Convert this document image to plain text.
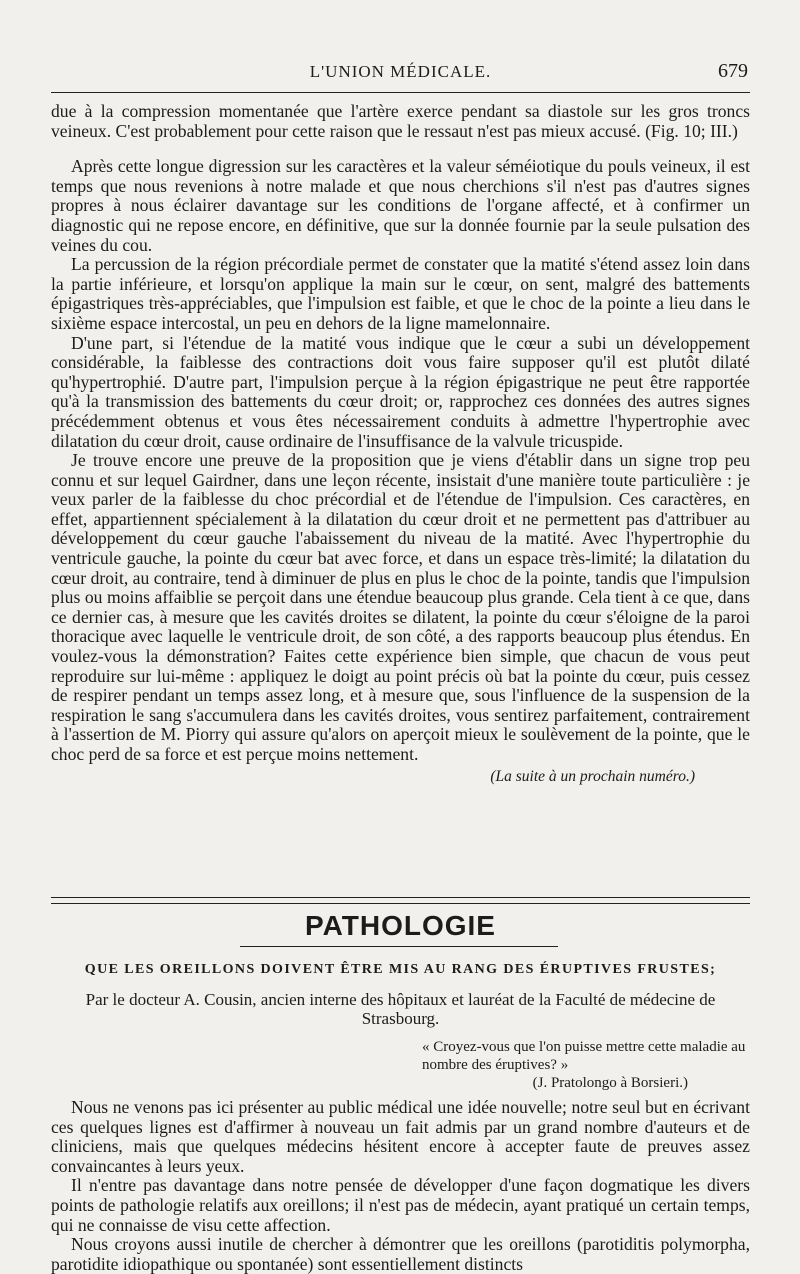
L'UNION MÉDICALE.	679

due à la compression momentanée que l'artère exerce pendant sa diastole sur les gros troncs veineux. C'est probablement pour cette raison que le ressaut n'est pas mieux accusé. (Fig. 10; III.)

Après cette longue digression sur les caractères et la valeur séméiotique du pouls veineux, il est temps que nous revenions à notre malade et que nous cherchions s'il n'est pas d'autres signes propres à nous éclairer davantage sur les conditions de l'organe affecté, et à confirmer un diagnostic qui ne repose encore, en définitive, que sur la donnée fournie par la seule pulsation des veines du cou.

La percussion de la région précordiale permet de constater que la matité s'étend assez loin dans la partie inférieure, et lorsqu'on applique la main sur le cœur, on sent, malgré des battements épigastriques très-appréciables, que l'impulsion est faible, et que le choc de la pointe a lieu dans le sixième espace intercostal, un peu en dehors de la ligne mamelonnaire.

D'une part, si l'étendue de la matité vous indique que le cœur a subi un développement considérable, la faiblesse des contractions doit vous faire supposer qu'il est plutôt dilaté qu'hypertrophié. D'autre part, l'impulsion perçue à la région épigastrique ne peut être rapportée qu'à la transmission des battements du cœur droit; or, rapprochez ces données des autres signes précédemment obtenus et vous êtes nécessairement conduits à admettre l'hypertrophie avec dilatation du cœur droit, cause ordinaire de l'insuffisance de la valvule tricuspide.

Je trouve encore une preuve de la proposition que je viens d'établir dans un signe trop peu connu et sur lequel Gairdner, dans une leçon récente, insistait d'une manière toute particulière : je veux parler de la faiblesse du choc précordial et de l'étendue de l'impulsion. Ces caractères, en effet, appartiennent spécialement à la dilatation du cœur droit et ne permettent pas d'attribuer au développement du cœur gauche l'abaissement du niveau de la matité. Avec l'hypertrophie du ventricule gauche, la pointe du cœur bat avec force, et dans un espace très-limité; la dilatation du cœur droit, au contraire, tend à diminuer de plus en plus le choc de la pointe, tandis que l'impulsion plus ou moins affaiblie se perçoit dans une étendue beaucoup plus grande. Cela tient à ce que, dans ce dernier cas, à mesure que les cavités droites se dilatent, la pointe du cœur s'éloigne de la paroi thoracique avec laquelle le ventricule droit, de son côté, a des rapports beaucoup plus étendus. En voulez-vous la démonstration? Faites cette expérience bien simple, que chacun de vous peut reproduire sur lui-même : appliquez le doigt au point précis où bat la pointe du cœur, puis cessez de respirer pendant un temps assez long, et à mesure que, sous l'influence de la suspension de la respiration le sang s'accumulera dans les cavités droites, vous sentirez parfaitement, contrairement à l'assertion de M. Piorry qui assure qu'alors on aperçoit mieux le soulèvement de la pointe, que le choc perd de sa force et est perçue moins nettement.

(La suite à un prochain numéro.)
PATHOLOGIE
QUE LES OREILLONS DOIVENT ÊTRE MIS AU RANG DES ÉRUPTIVES FRUSTES;
Par le docteur A. Cousin, ancien interne des hôpitaux et lauréat de la Faculté de médecine de Strasbourg.
« Croyez-vous que l'on puisse mettre cette maladie au nombre des éruptives? »
(J. Pratolongo à Borsieri.)

Nous ne venons pas ici présenter au public médical une idée nouvelle; notre seul but en écrivant ces quelques lignes est d'affirmer à nouveau un fait admis par un grand nombre d'auteurs et de cliniciens, mais que quelques médecins hésitent encore à accepter faute de preuves assez convaincantes à leurs yeux.

Il n'entre pas davantage dans notre pensée de développer d'une façon dogmatique les divers points de pathologie relatifs aux oreillons; il n'est pas de médecin, ayant pratiqué un certain temps, qui ne connaisse de visu cette affection.

Nous croyons aussi inutile de chercher à démontrer que les oreillons (parotiditis polymorpha, parotidite idiopathique ou spontanée) sont essentiellement distincts
